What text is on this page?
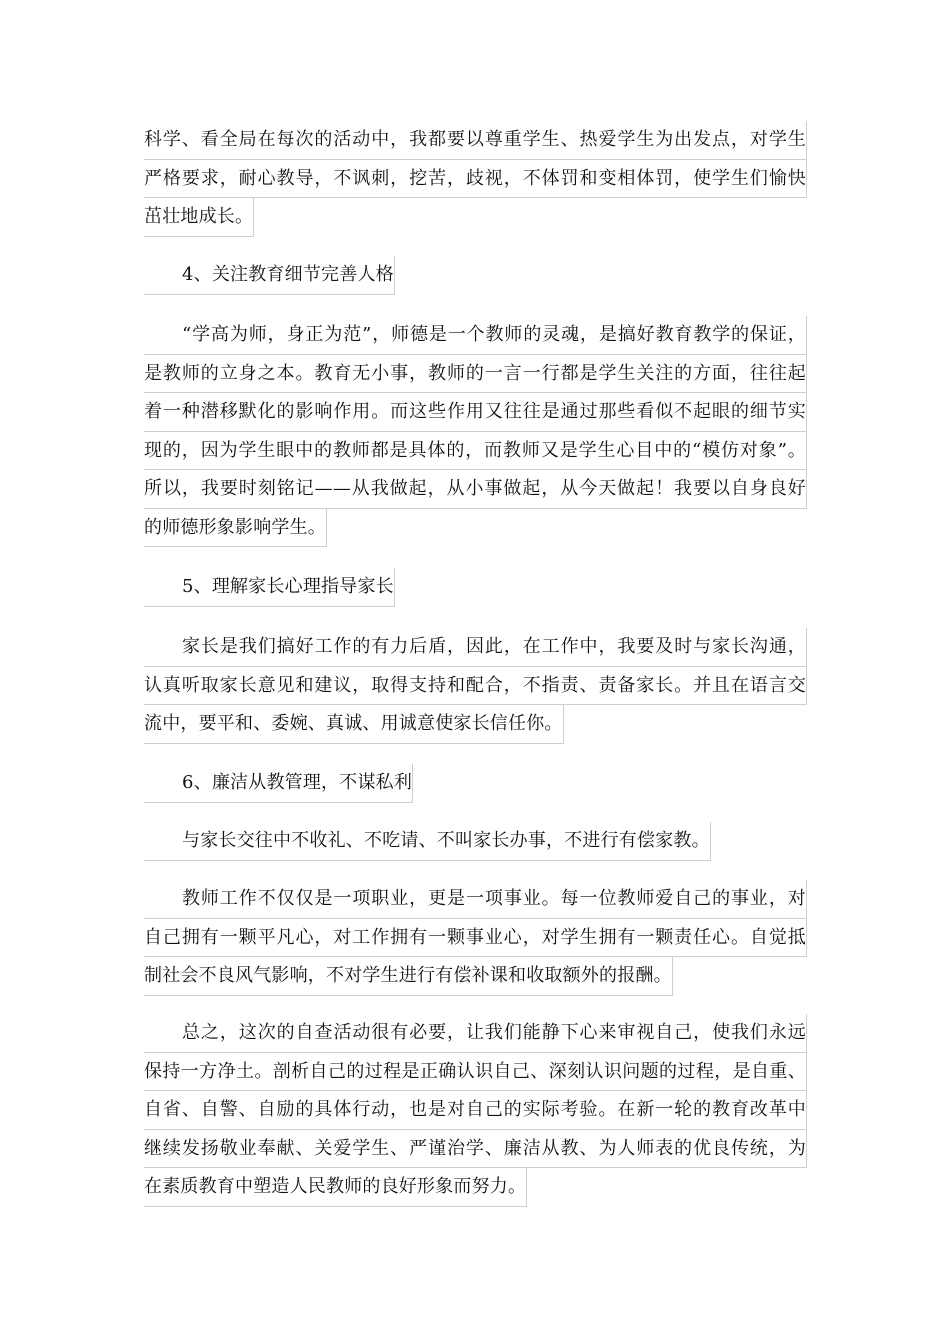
科学、看全局在每次的活动中，我都要以尊重学生、热爱学生为出发点，对学生
严格要求，耐心教导，不讽刺，挖苦，歧视，不体罚和变相体罚，使学生们愉快
茁壮地成长。
4、关注教育细节完善人格
“学高为师，身正为范”，师德是一个教师的灵魂，是搞好教育教学的保证，
是教师的立身之本。教育无小事，教师的一言一行都是学生关注的方面，往往起
着一种潜移默化的影响作用。而这些作用又往往是通过那些看似不起眼的细节实
现的，因为学生眼中的教师都是具体的，而教师又是学生心目中的“模仿对象”。
所以，我要时刻铭记——从我做起，从小事做起，从今天做起！我要以自身良好
的师德形象影响学生。
5、理解家长心理指导家长
家长是我们搞好工作的有力后盾，因此，在工作中，我要及时与家长沟通，
认真听取家长意见和建议，取得支持和配合，不指责、责备家长。并且在语言交
流中，要平和、委婉、真诚、用诚意使家长信任你。
6、廉洁从教管理，不谋私利
与家长交往中不收礼、不吃请、不叫家长办事，不进行有偿家教。
教师工作不仅仅是一项职业，更是一项事业。每一位教师爱自己的事业，对
自己拥有一颗平凡心，对工作拥有一颗事业心，对学生拥有一颗责任心。自觉抵
制社会不良风气影响，不对学生进行有偿补课和收取额外的报酬。
总之，这次的自查活动很有必要，让我们能静下心来审视自己，使我们永远
保持一方净土。剖析自己的过程是正确认识自己、深刻认识问题的过程，是自重、
自省、自警、自励的具体行动，也是对自己的实际考验。在新一轮的教育改革中
继续发扬敬业奉献、关爱学生、严谨治学、廉洁从教、为人师表的优良传统，为
在素质教育中塑造人民教师的良好形象而努力。
